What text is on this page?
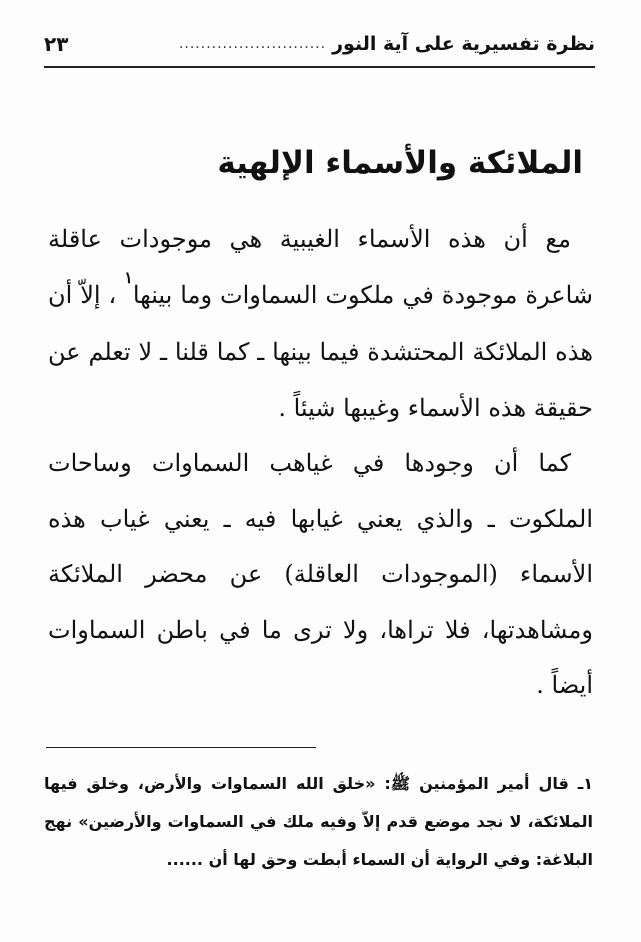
نظرة تفسيرية على آية النور
...........................
٢٣
الملائكة والأسماء الإلهية

مع أن هذه الأسماء الغيبية هي موجودات عاقلة شاعرة موجودة في ملكوت السماوات وما بينها$^١$ ، إلاّ أن هذه الملائكة المحتشدة فيما بينها ـ كما قلنا ـ لا تعلم عن حقيقة هذه الأسماء وغيبها شيئاً .

كما أن وجودها في غياهب السماوات وساحات الملكوت ـ والذي يعني غيابها فيه ـ يعني غياب هذه الأسماء (الموجودات العاقلة) عن محضر الملائكة ومشاهدتها، فلا تراها، ولا ترى ما في باطن السماوات أيضاً .

١ـ قال أمير المؤمنين ﷺ: «خلق الله السماوات والأرض، وخلق فيها الملائكة، لا نجد موضع قدم إلاّ وفيه ملك في السماوات والأرضين» نهج البلاغة: وفي الرواية أن السماء أبطت وحق لها أن ......
